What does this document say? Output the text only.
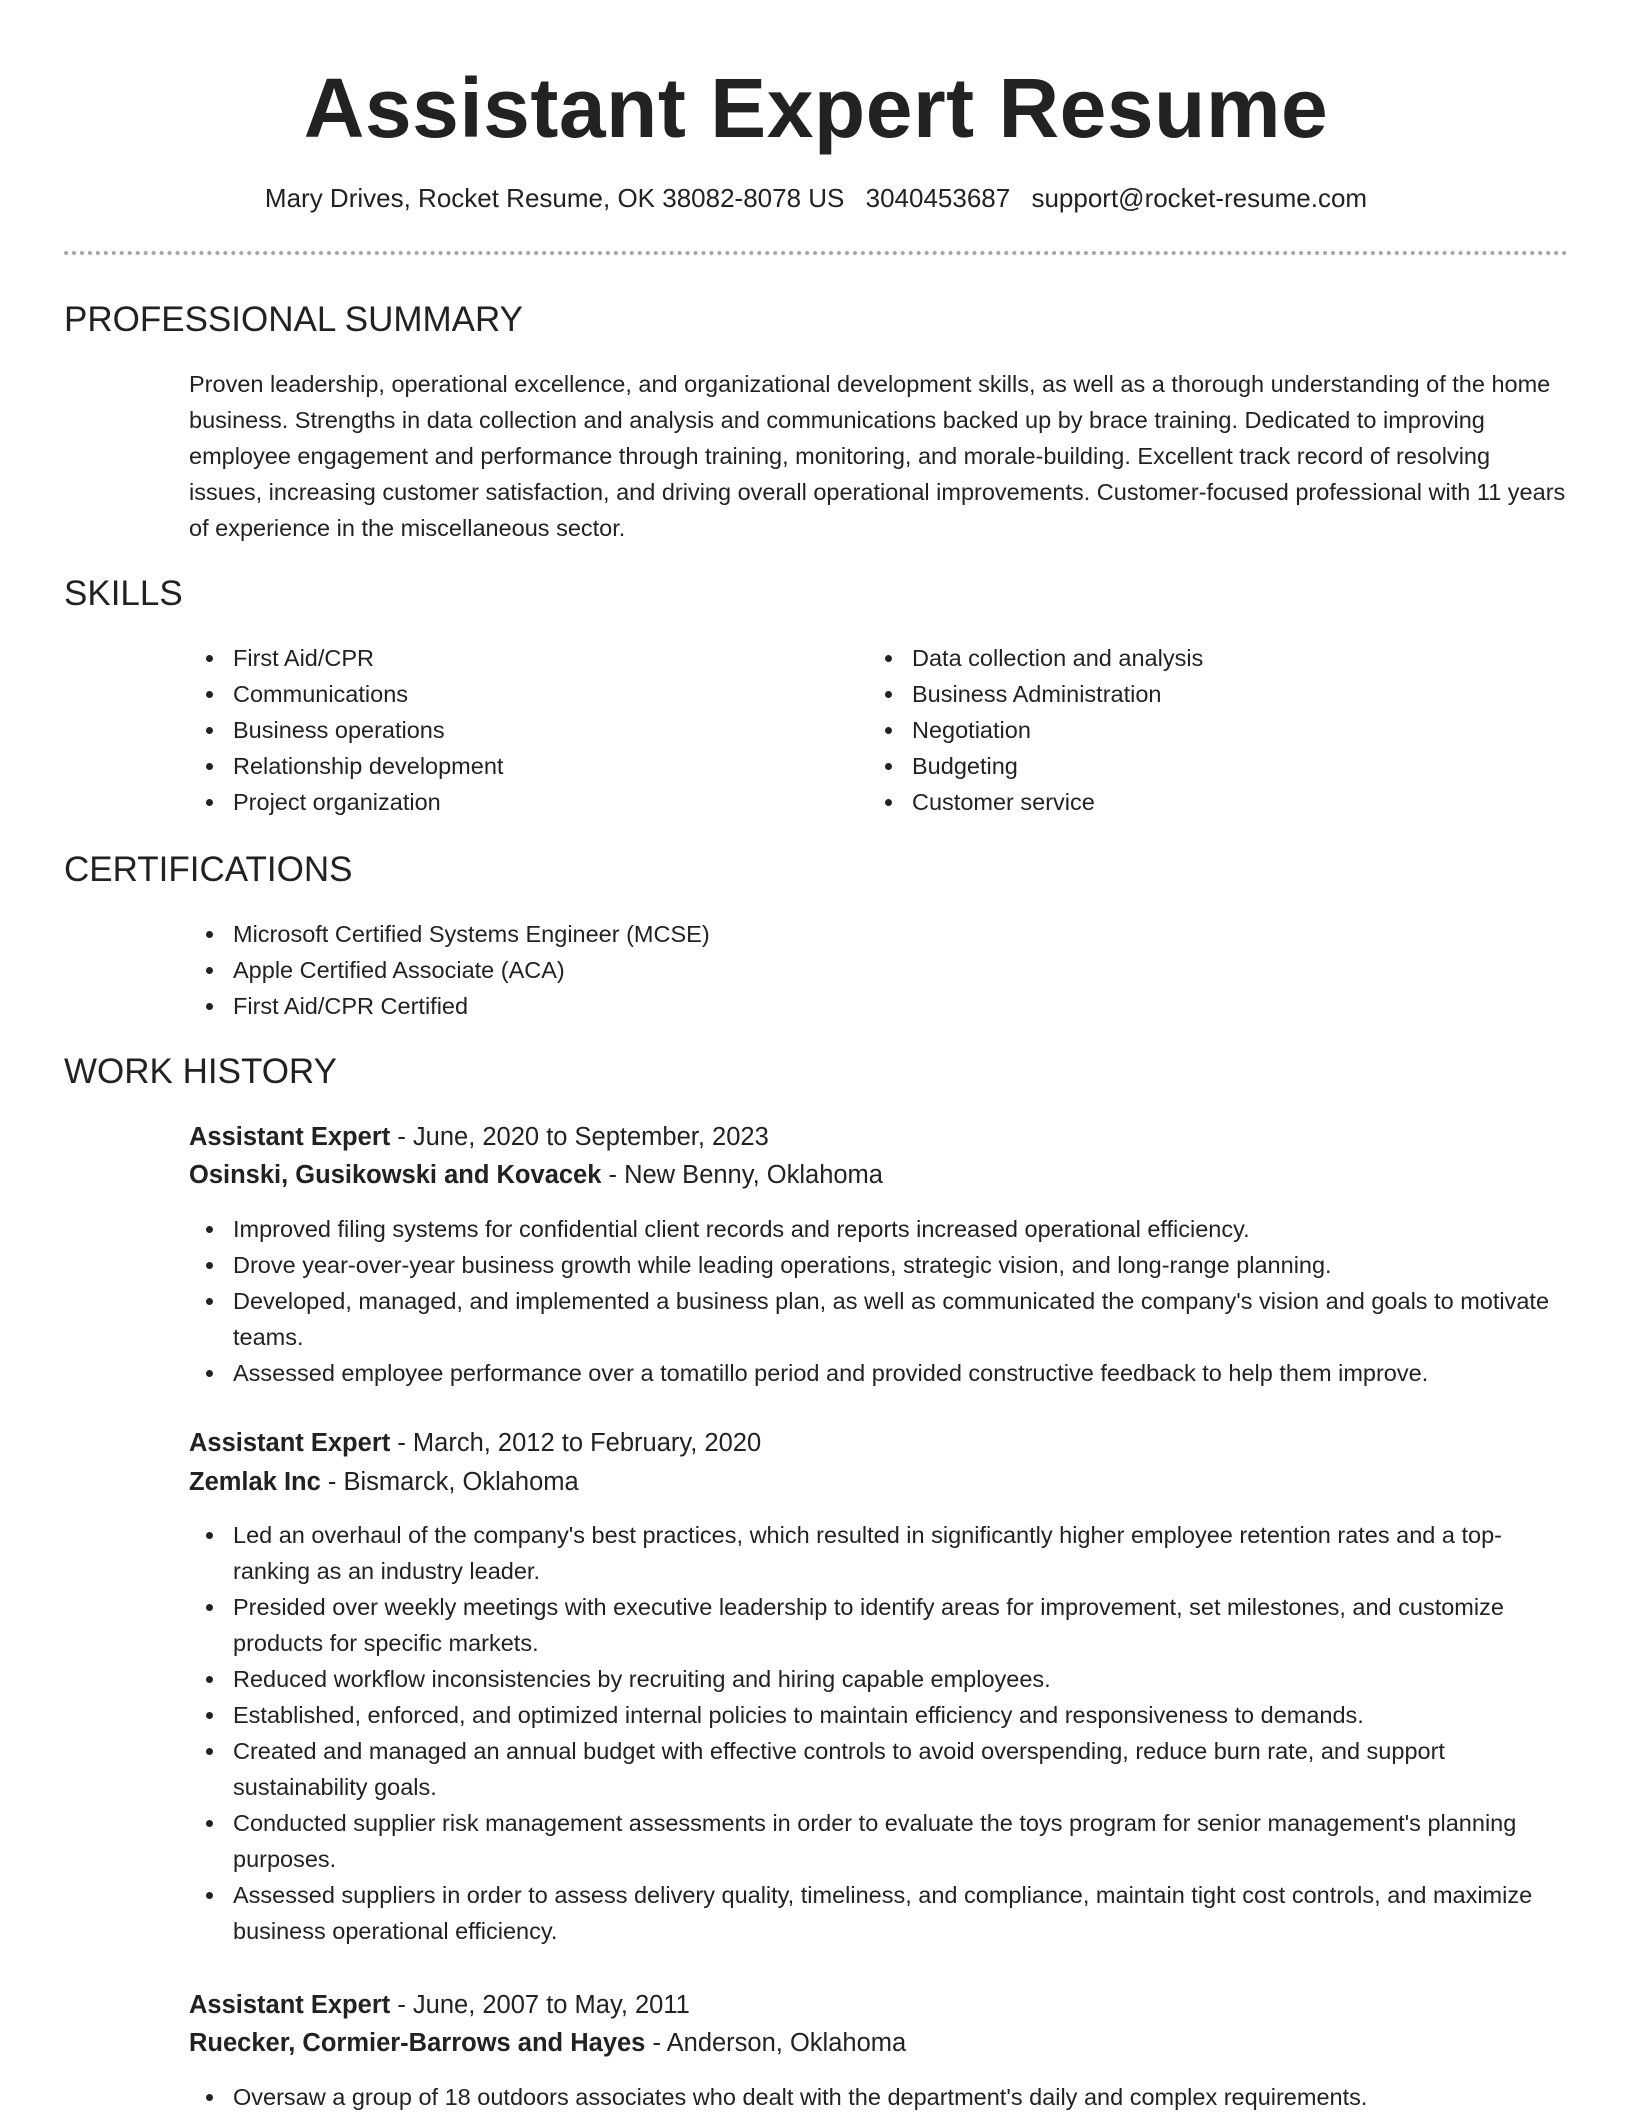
Assistant Expert Resume
Mary Drives, Rocket Resume, OK 38082-8078 US 3040453687 support@rocket-resume.com
PROFESSIONAL SUMMARY

Proven leadership, operational excellence, and organizational development skills, as well as a thorough understanding of the home business. Strengths in data collection and analysis and communications backed up by brace training. Dedicated to improving employee engagement and performance through training, monitoring, and morale-building. Excellent track record of resolving issues, increasing customer satisfaction, and driving overall operational improvements. Customer-focused professional with 11 years of experience in the miscellaneous sector.

SKILLS
First Aid/CPR
Communications
Business operations
Relationship development
Project organization
Data collection and analysis
Business Administration
Negotiation
Budgeting
Customer service
CERTIFICATIONS
Microsoft Certified Systems Engineer (MCSE)
Apple Certified Associate (ACA)
First Aid/CPR Certified
WORK HISTORY
Assistant Expert - June, 2020 to September, 2023
Osinski, Gusikowski and Kovacek - New Benny, Oklahoma
Improved filing systems for confidential client records and reports increased operational efficiency.
Drove year-over-year business growth while leading operations, strategic vision, and long-range planning.
Developed, managed, and implemented a business plan, as well as communicated the company's vision and goals to motivate teams.
Assessed employee performance over a tomatillo period and provided constructive feedback to help them improve.
Assistant Expert - March, 2012 to February, 2020
Zemlak Inc - Bismarck, Oklahoma
Led an overhaul of the company's best practices, which resulted in significantly higher employee retention rates and a top-ranking as an industry leader.
Presided over weekly meetings with executive leadership to identify areas for improvement, set milestones, and customize products for specific markets.
Reduced workflow inconsistencies by recruiting and hiring capable employees.
Established, enforced, and optimized internal policies to maintain efficiency and responsiveness to demands.
Created and managed an annual budget with effective controls to avoid overspending, reduce burn rate, and support sustainability goals.
Conducted supplier risk management assessments in order to evaluate the toys program for senior management's planning purposes.
Assessed suppliers in order to assess delivery quality, timeliness, and compliance, maintain tight cost controls, and maximize business operational efficiency.
Assistant Expert - June, 2007 to May, 2011
Ruecker, Cormier-Barrows and Hayes - Anderson, Oklahoma
Oversaw a group of 18 outdoors associates who dealt with the department's daily and complex requirements.
